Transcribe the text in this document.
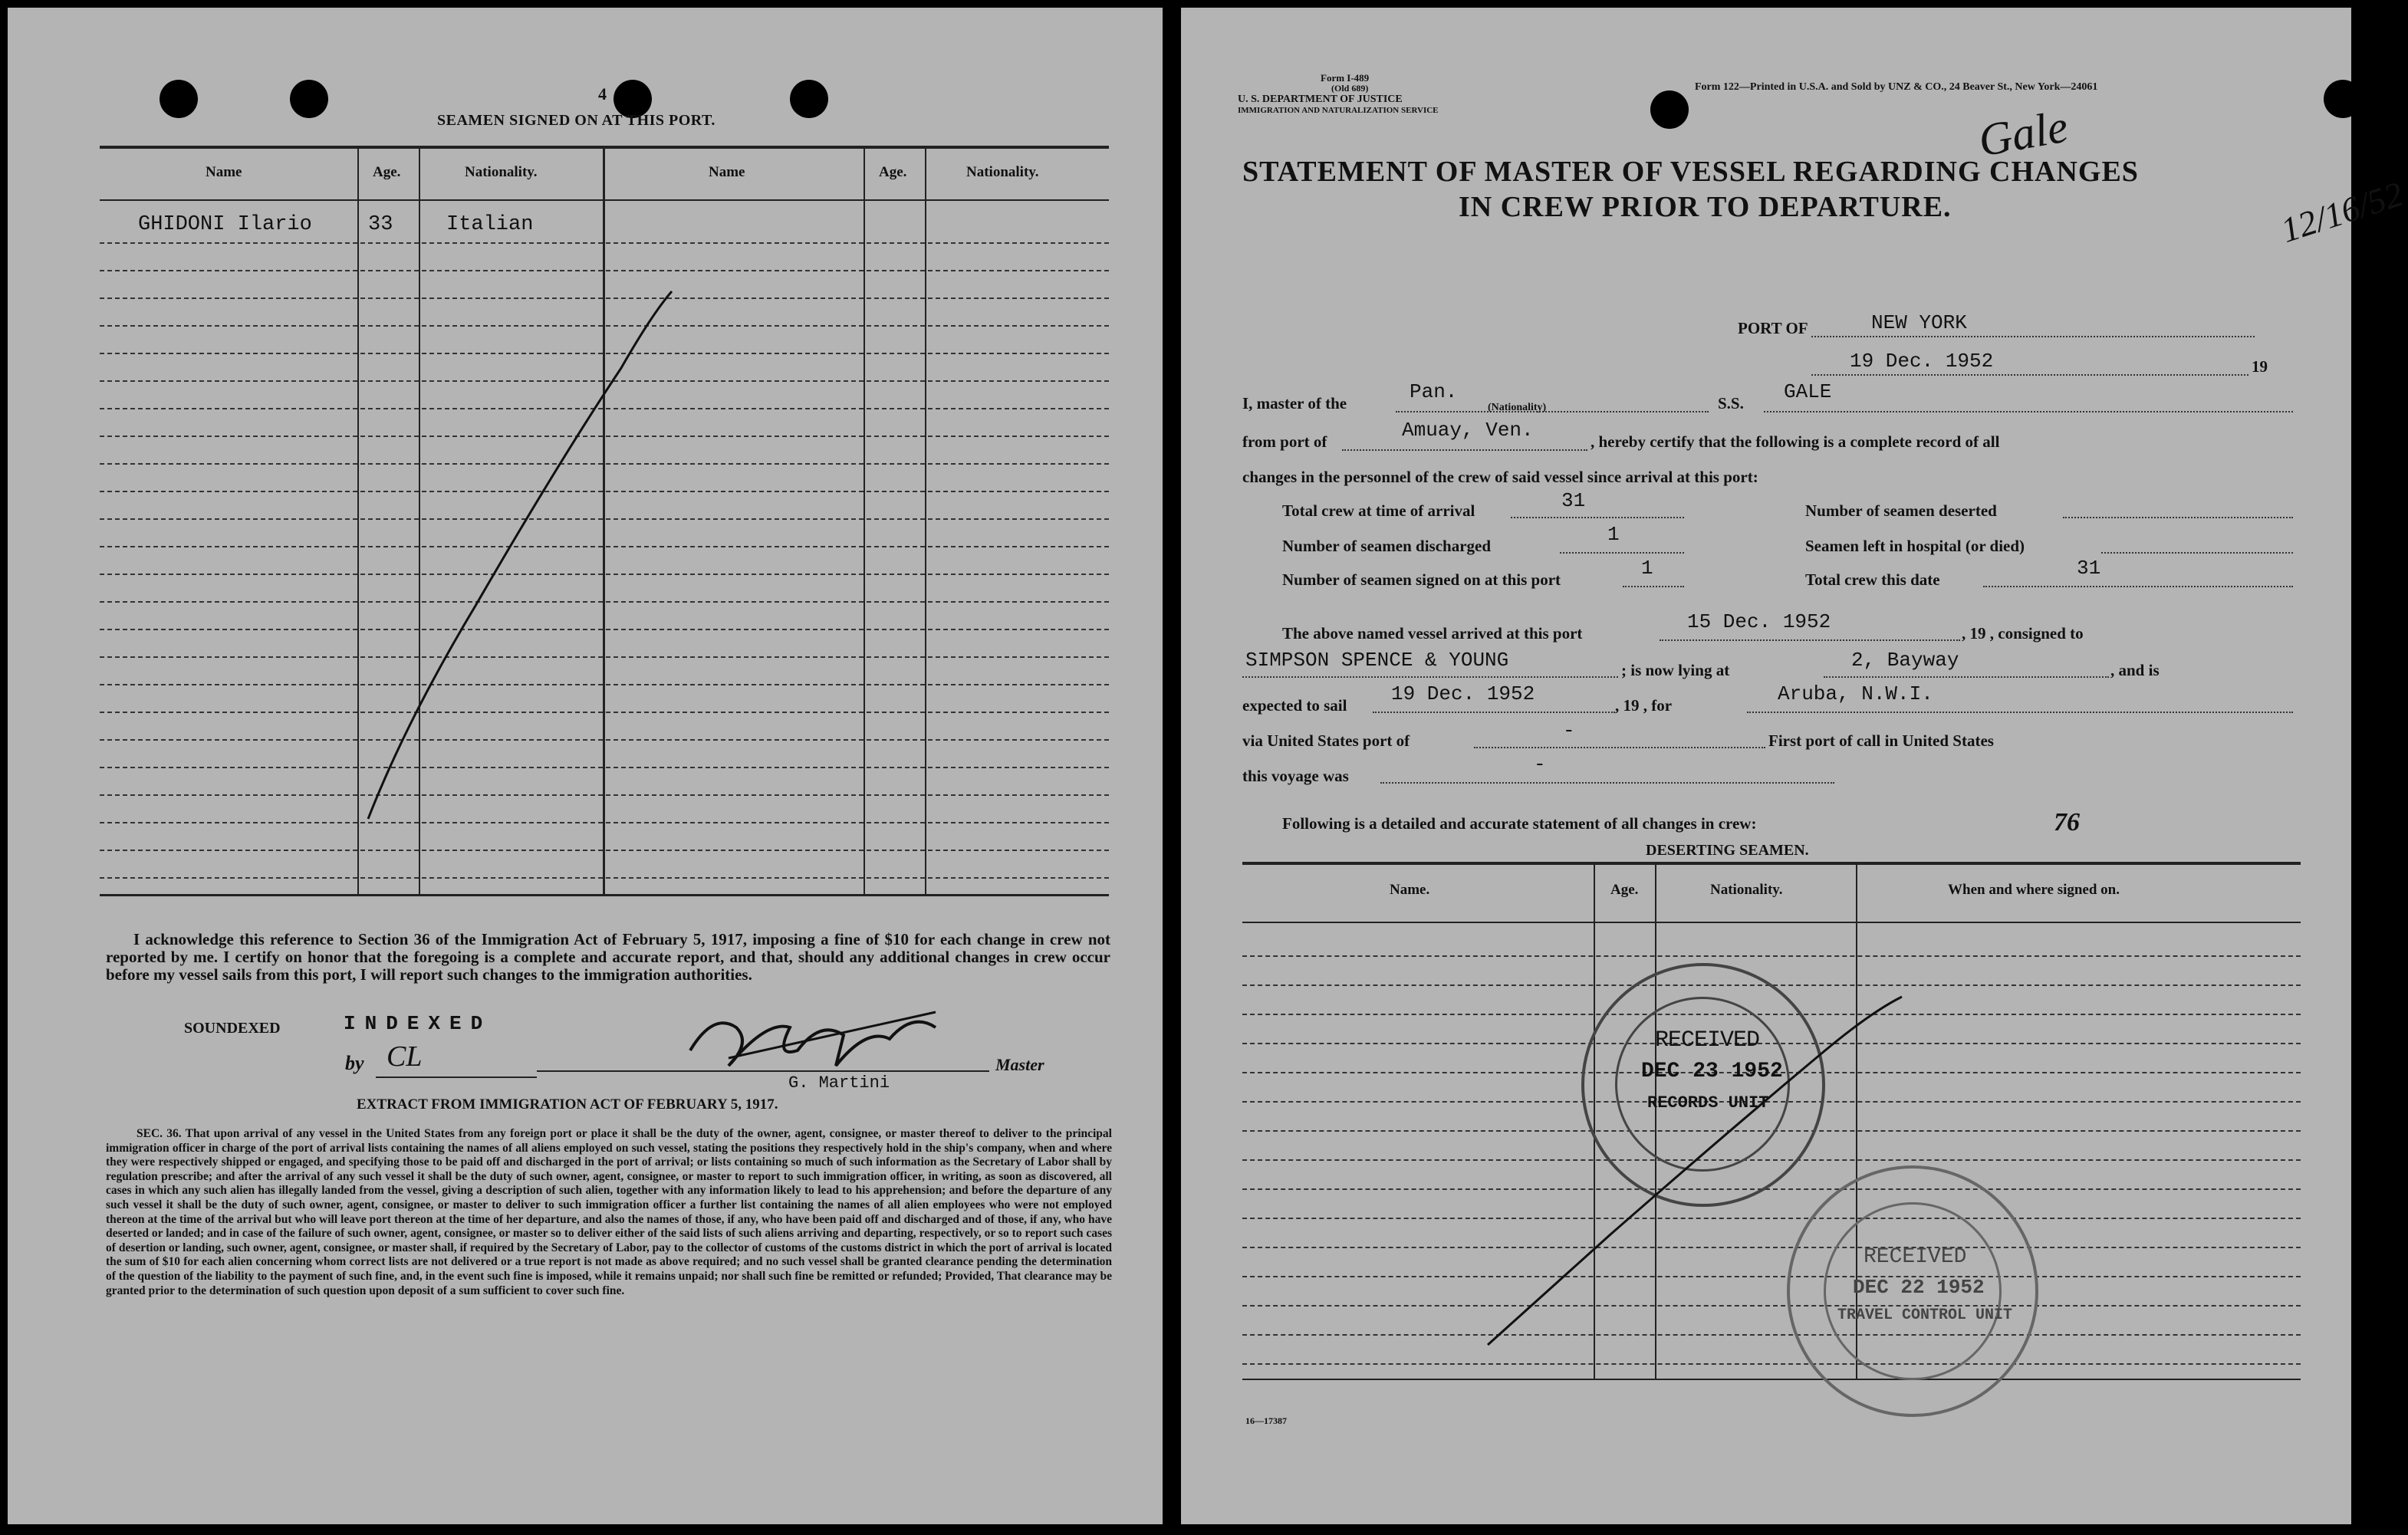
4
SEAMEN SIGNED ON AT THIS PORT.
Name	Age.	Nationality.	Name	Age.	Nationality.
GHIDONI Ilario	33	Italian
I acknowledge this reference to Section 36 of the Immigration Act of February 5, 1917, imposing a fine of $10 for each change in crew not reported by me. I certify on honor that the foregoing is a complete and accurate report, and that, should any additional changes in crew occur before my vessel sails from this port, I will report such changes to the immigration authorities.
SOUNDEXED	INDEXED
by CL
G. Martini
Master
EXTRACT FROM IMMIGRATION ACT OF FEBRUARY 5, 1917.
SEC. 36. That upon arrival of any vessel in the United States from any foreign port or place it shall be the duty of the owner, agent, consignee, or master thereof to deliver to the principal immigration officer in charge of the port of arrival lists containing the names of all aliens employed on such vessel, stating the positions they respectively hold in the ship's company, when and where they were respectively shipped or engaged, and specifying those to be paid off and discharged in the port of arrival; or lists containing so much of such information as the Secretary of Labor shall by regulation prescribe; and after the arrival of any such vessel it shall be the duty of such owner, agent, consignee, or master to report to such immigration officer, in writing, as soon as discovered, all cases in which any such alien has illegally landed from the vessel, giving a description of such alien, together with any information likely to lead to his apprehension; and before the departure of any such vessel it shall be the duty of such owner, agent, consignee, or master to deliver to such immigration officer a further list containing the names of all alien employees who were not employed thereon at the time of the arrival but who will leave port thereon at the time of her departure, and also the names of those, if any, who have been paid off and discharged and of those, if any, who have deserted or landed; and in case of the failure of such owner, agent, consignee, or master so to deliver either of the said lists of such aliens arriving and departing, respectively, or so to report such cases of desertion or landing, such owner, agent, consignee, or master shall, if required by the Secretary of Labor, pay to the collector of customs of the customs district in which the port of arrival is located the sum of $10 for each alien concerning whom correct lists are not delivered or a true report is not made as above required; and no such vessel shall be granted clearance pending the determination of the question of the liability to the payment of such fine, and, in the event such fine is imposed, while it remains unpaid; nor shall such fine be remitted or refunded; Provided, That clearance may be granted prior to the determination of such question upon deposit of a sum sufficient to cover such fine.
Form I-489
(Old 689)
U. S. DEPARTMENT OF JUSTICE
IMMIGRATION AND NATURALIZATION SERVICE
Form 122—Printed in U.S.A. and Sold by UNZ & CO., 24 Beaver St., New York—24061
Gale
12/16/52
STATEMENT OF MASTER OF VESSEL REGARDING CHANGES
IN CREW PRIOR TO DEPARTURE.
PORT OF	NEW YORK
19 Dec. 1952	19
I, master of the	Pan.
(Nationality)	S.S. GALE
from port of	Amuay, Ven.	, hereby certify that the following is a complete record of all
changes in the personnel of the crew of said vessel since arrival at this port:
Total crew at time of arrival	31	Number of seamen deserted
Number of seamen discharged	1	Seamen left in hospital (or died)
Number of seamen signed on at this port	1	Total crew this date	31
The above named vessel arrived at this port	15 Dec. 1952	, 19 , consigned to
SIMPSON SPENCE & YOUNG	; is now lying at	2, Bayway	, and is
expected to sail 19 Dec. 1952	, 19 , for	Aruba, N.W.I.
via United States port of	-	First port of call in United States
this voyage was	-
Following is a detailed and accurate statement of all changes in crew:	76
DESERTING SEAMEN.
Name.	Age.	Nationality.	When and where signed on.
RECEIVED
DEC 23 1952
RECORDS UNIT
RECEIVED
DEC 22 1952
TRAVEL CONTROL UNIT
16—17387
